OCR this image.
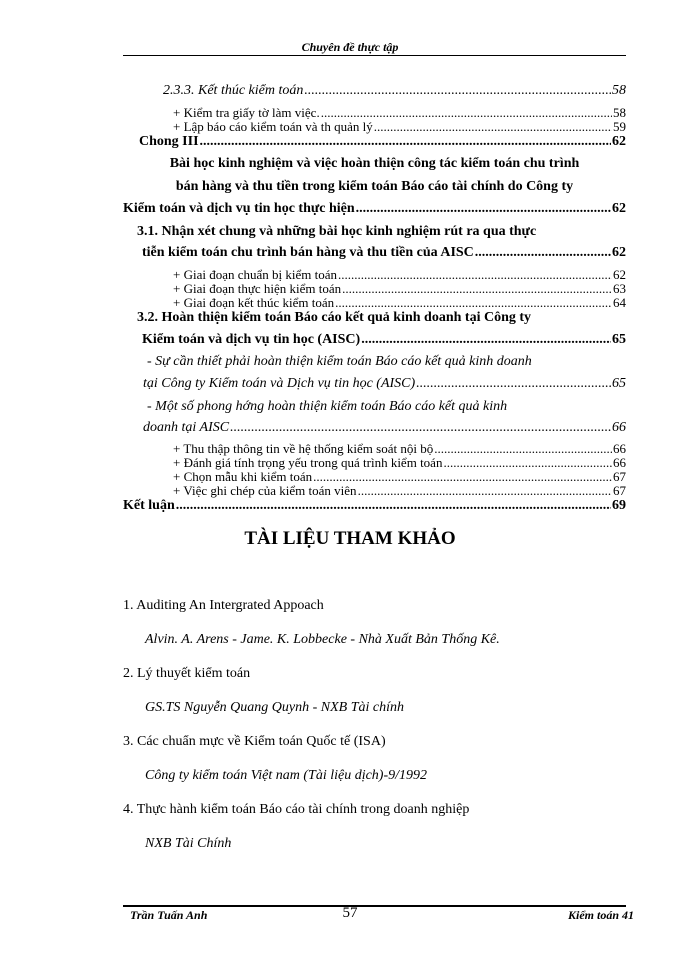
Chuyên đề thực tập
2.3.3. Kết thúc kiểm toán .....	58
+ Kiểm tra giấy tờ làm việc. .....	58
+ Lập báo cáo kiểm toán và th quản lý .....	59
Chong III .....	62
Bài học kinh nghiệm và việc hoàn thiện công tác kiểm toán chu trình
bán hàng và thu tiền trong kiểm toán Báo cáo tài chính do Công ty
Kiểm toán và dịch vụ tin học thực hiện .....	62
3.1. Nhận xét chung và những bài học kinh nghiệm rút ra qua thực
tiễn kiểm toán chu trình bán hàng và thu tiền của AISC .....	62
+ Giai đoạn chuẩn bị kiểm toán .....	62
+ Giai đoạn thực hiện kiểm toán .....	63
+ Giai đoạn kết thúc kiểm toán .....	64
3.2. Hoàn thiện kiểm toán Báo cáo kết quả kinh doanh tại Công ty
Kiểm toán và dịch vụ tin học (AISC) .....	65
- Sự cần thiết phải hoàn thiện kiểm toán Báo cáo kết quả kinh doanh
tại Công ty Kiểm toán và Dịch vụ tin học (AISC) .....	65
- Một số phong hớng hoàn thiện kiểm toán Báo cáo kết quả kinh
doanh tại AISC .....	66
+ Thu thập thông tin về hệ thống kiểm soát nội bộ .....	66
+ Đánh giá tính trọng yếu trong quá trình kiểm toán .....	66
+ Chọn mẫu khi kiểm toán .....	67
+ Việc ghi chép của kiểm toán viên .....	67
Kết luận .....	69
TÀI LIỆU THAM KHẢO
1. Auditing An Intergrated Appoach
Alvin. A. Arens - Jame. K. Lobbecke - Nhà Xuất Bản Thống Kê.
2. Lý thuyết kiểm toán
GS.TS Nguyễn Quang Quynh - NXB Tài chính
3. Các chuẩn mực về Kiểm toán Quốc tế (ISA)
Công ty kiểm toán Việt nam (Tài liệu dịch)-9/1992
4. Thực hành kiểm toán Báo cáo tài chính trong doanh nghiệp
NXB Tài Chính
Trần Tuấn Anh	57	Kiểm toán 41
